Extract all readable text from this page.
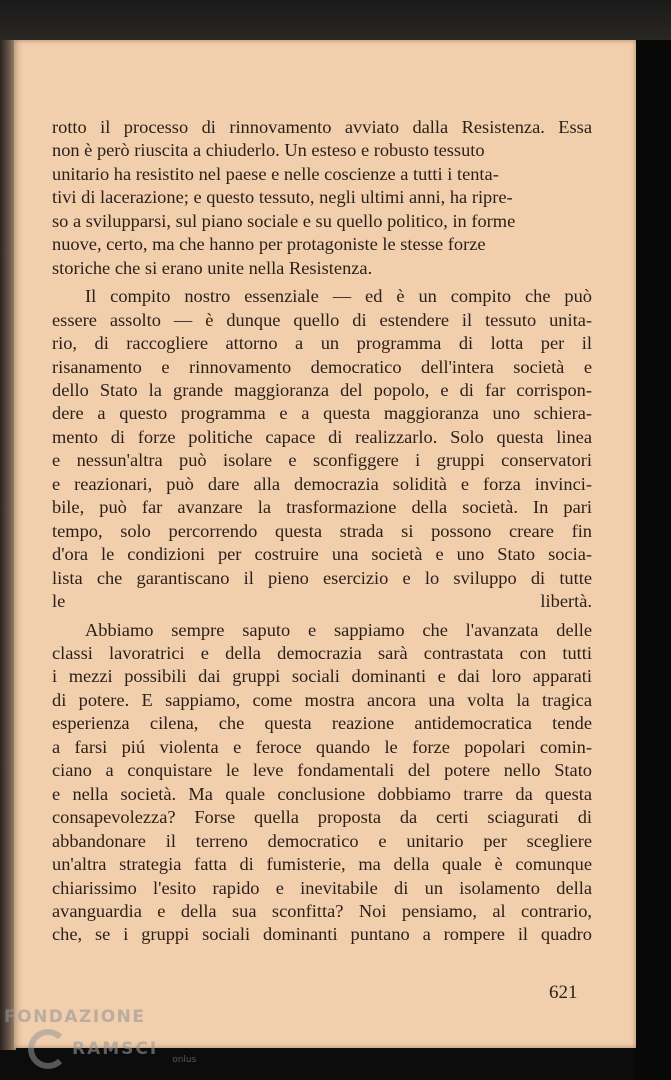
rotto il processo di rinnovamento avviato dalla Resistenza. Essa
non è però riuscita a chiuderlo. Un esteso e robusto tessuto
unitario ha resistito nel paese e nelle coscienze a tutti i tenta-
tivi di lacerazione; e questo tessuto, negli ultimi anni, ha ripre-
so a svilupparsi, sul piano sociale e su quello politico, in forme
nuove, certo, ma che hanno per protagoniste le stesse forze
storiche che si erano unite nella Resistenza.
Il compito nostro essenziale — ed è un compito che può
essere assolto — è dunque quello di estendere il tessuto unita-
rio, di raccogliere attorno a un programma di lotta per il
risanamento e rinnovamento democratico dell'intera società e
dello Stato la grande maggioranza del popolo, e di far corrispon-
dere a questo programma e a questa maggioranza uno schiera-
mento di forze politiche capace di realizzarlo. Solo questa linea
e nessun'altra può isolare e sconfiggere i gruppi conservatori
e reazionari, può dare alla democrazia solidità e forza invinci-
bile, può far avanzare la trasformazione della società. In pari
tempo, solo percorrendo questa strada si possono creare fin
d'ora le condizioni per costruire una società e uno Stato socia-
lista che garantiscano il pieno esercizio e lo sviluppo di tutte
le libertà.
Abbiamo sempre saputo e sappiamo che l'avanzata delle
classi lavoratrici e della democrazia sarà contrastata con tutti
i mezzi possibili dai gruppi sociali dominanti e dai loro apparati
di potere. E sappiamo, come mostra ancora una volta la tragica
esperienza cilena, che questa reazione antidemocratica tende
a farsi piú violenta e feroce quando le forze popolari comin-
ciano a conquistare le leve fondamentali del potere nello Stato
e nella società. Ma quale conclusione dobbiamo trarre da questa
consapevolezza? Forse quella proposta da certi sciagurati di
abbandonare il terreno democratico e unitario per scegliere
un'altra strategia fatta di fumisterie, ma della quale è comunque
chiarissimo l'esito rapido e inevitabile di un isolamento della
avanguardia e della sua sconfitta? Noi pensiamo, al contrario,
che, se i gruppi sociali dominanti puntano a rompere il quadro
621
FONDAZIONE
RAMSCI
onlus
